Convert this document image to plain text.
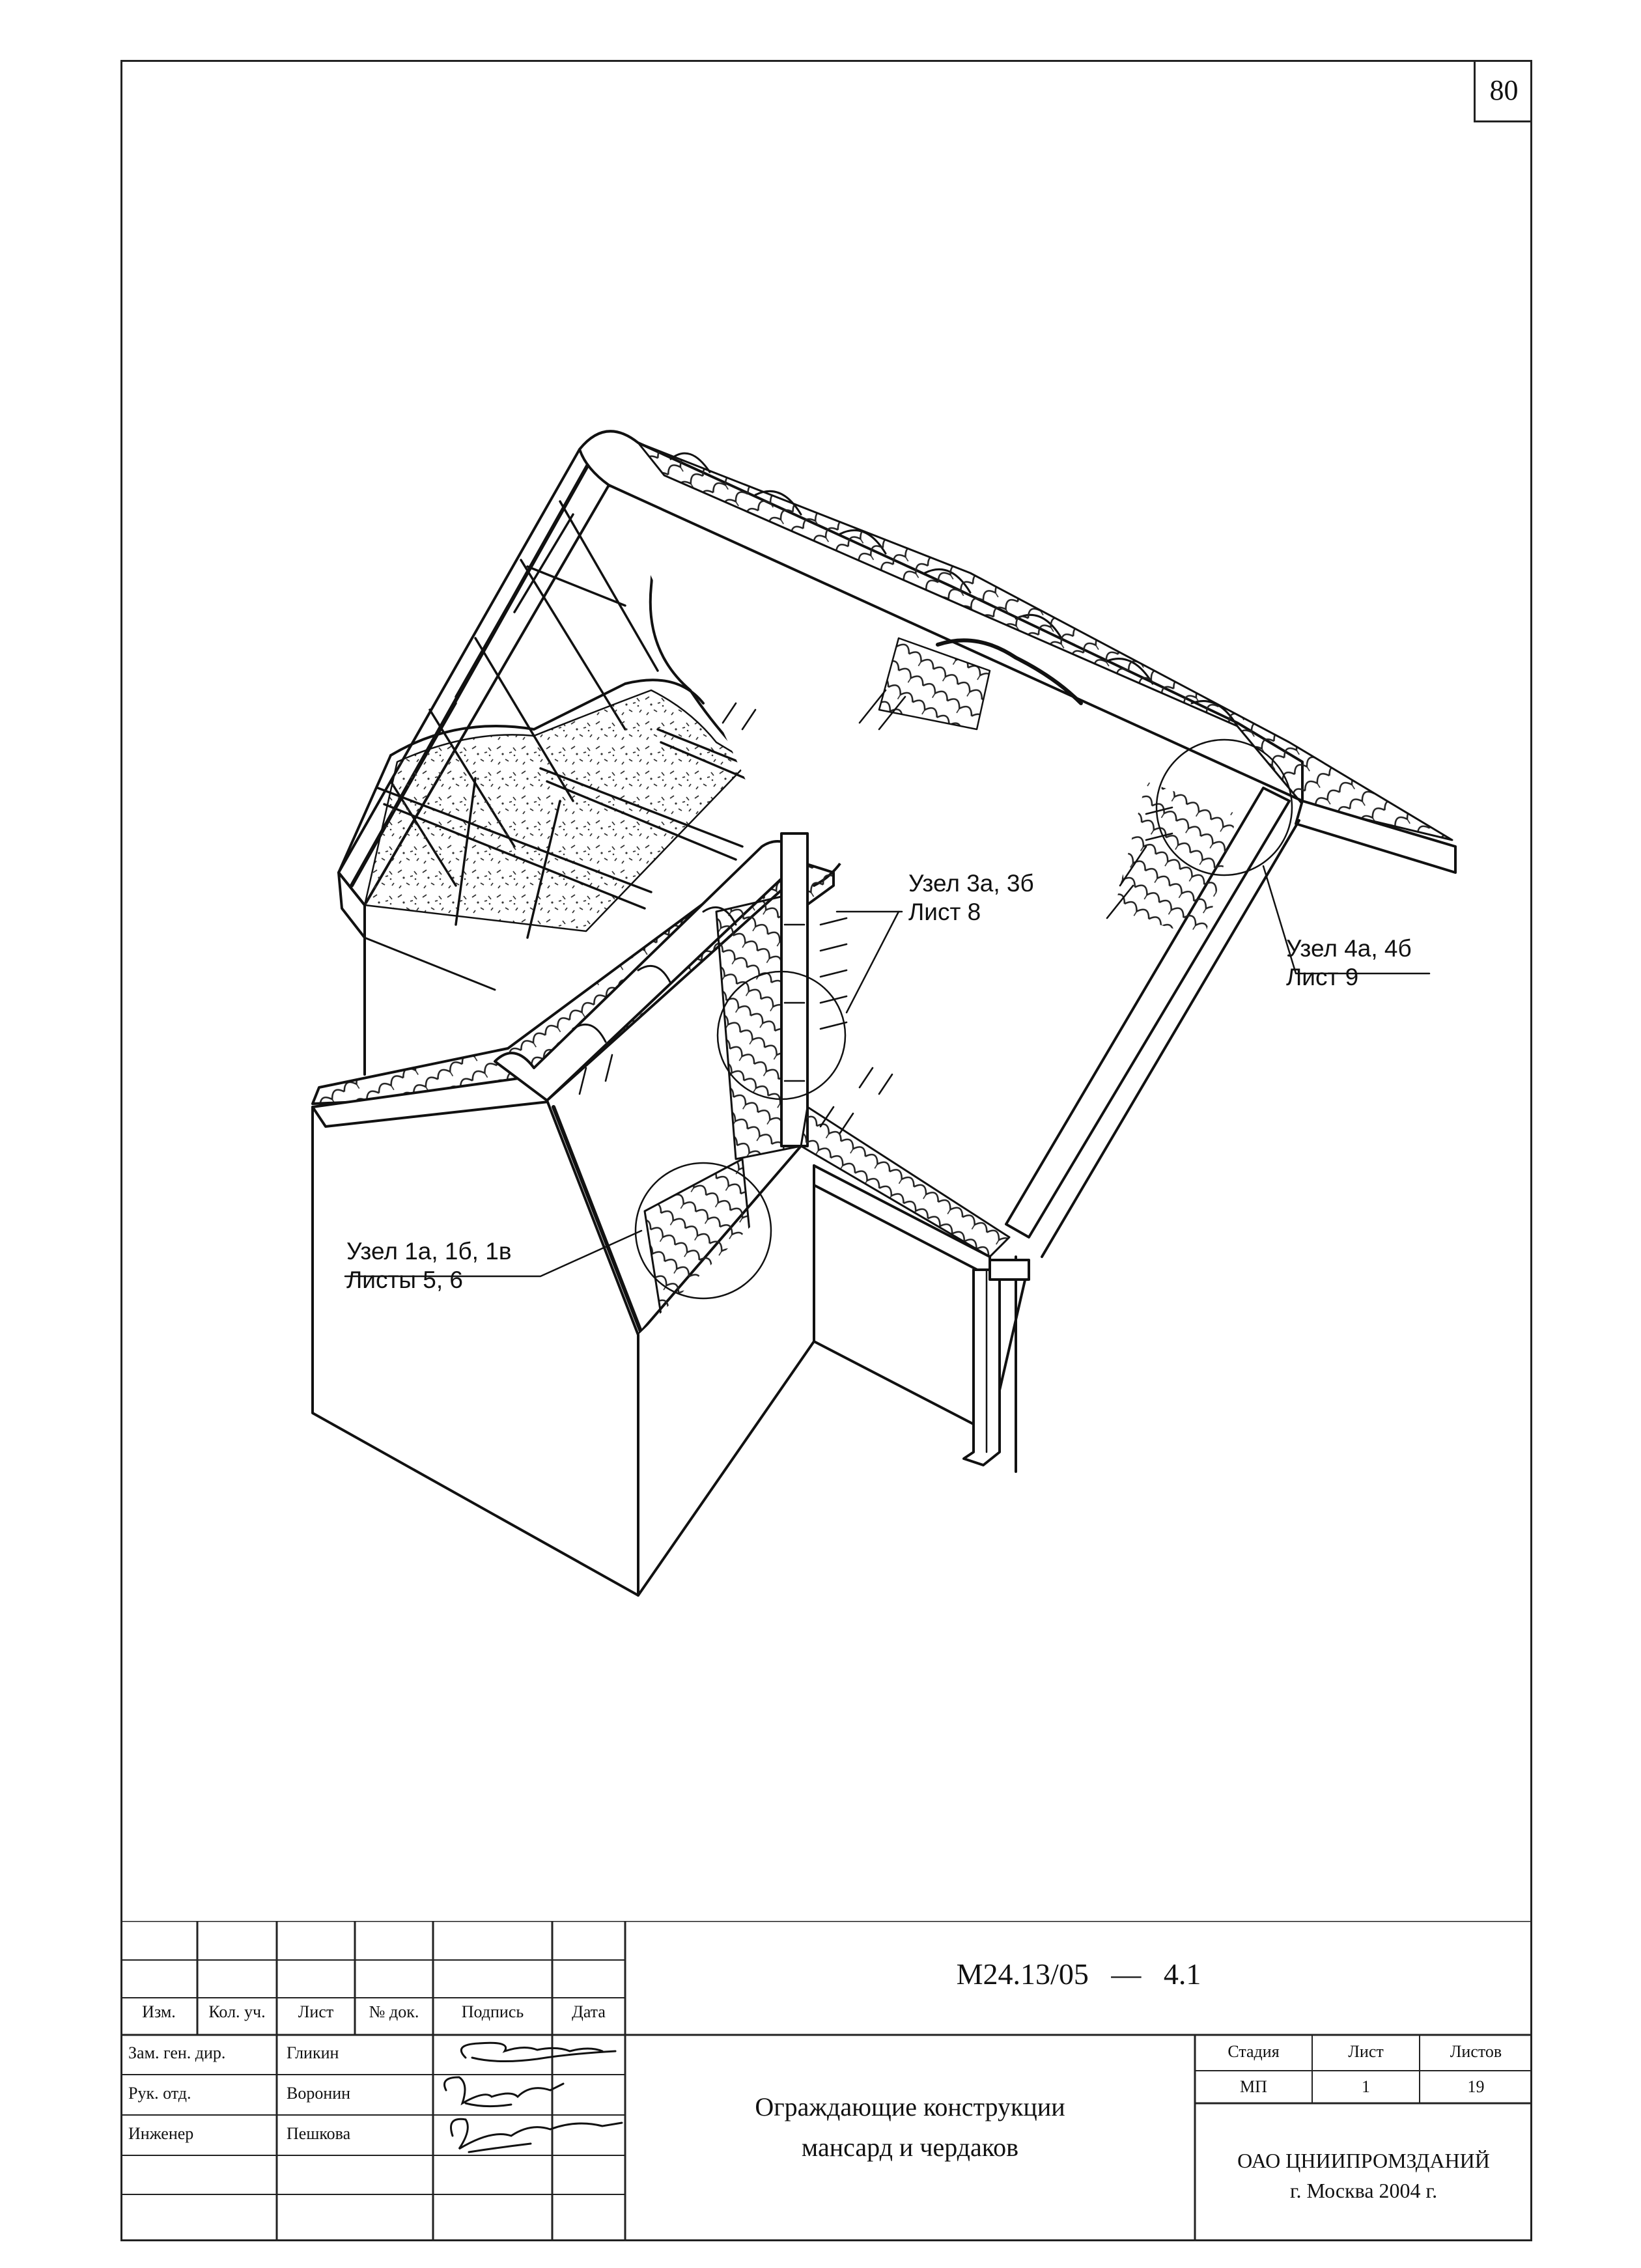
80
Узел 3а, 3б
Лист 8
Узел 4а, 4б
Лист 9
Узел 1а, 1б, 1в
Листы 5, 6
Изм.	Кол. уч.	Лист	№ док.	Подпись	Дата
Зам. ген. дир.	Гликин
Рук. отд.	Воронин
Инженер	Пешкова
М24.13/05 — 4.1
Ограждающие конструкции
мансард и чердаков
Стадия	Лист	Листов
МП	1	19
ОАО ЦНИИПРОМЗДАНИЙ
г. Москва 2004 г.
